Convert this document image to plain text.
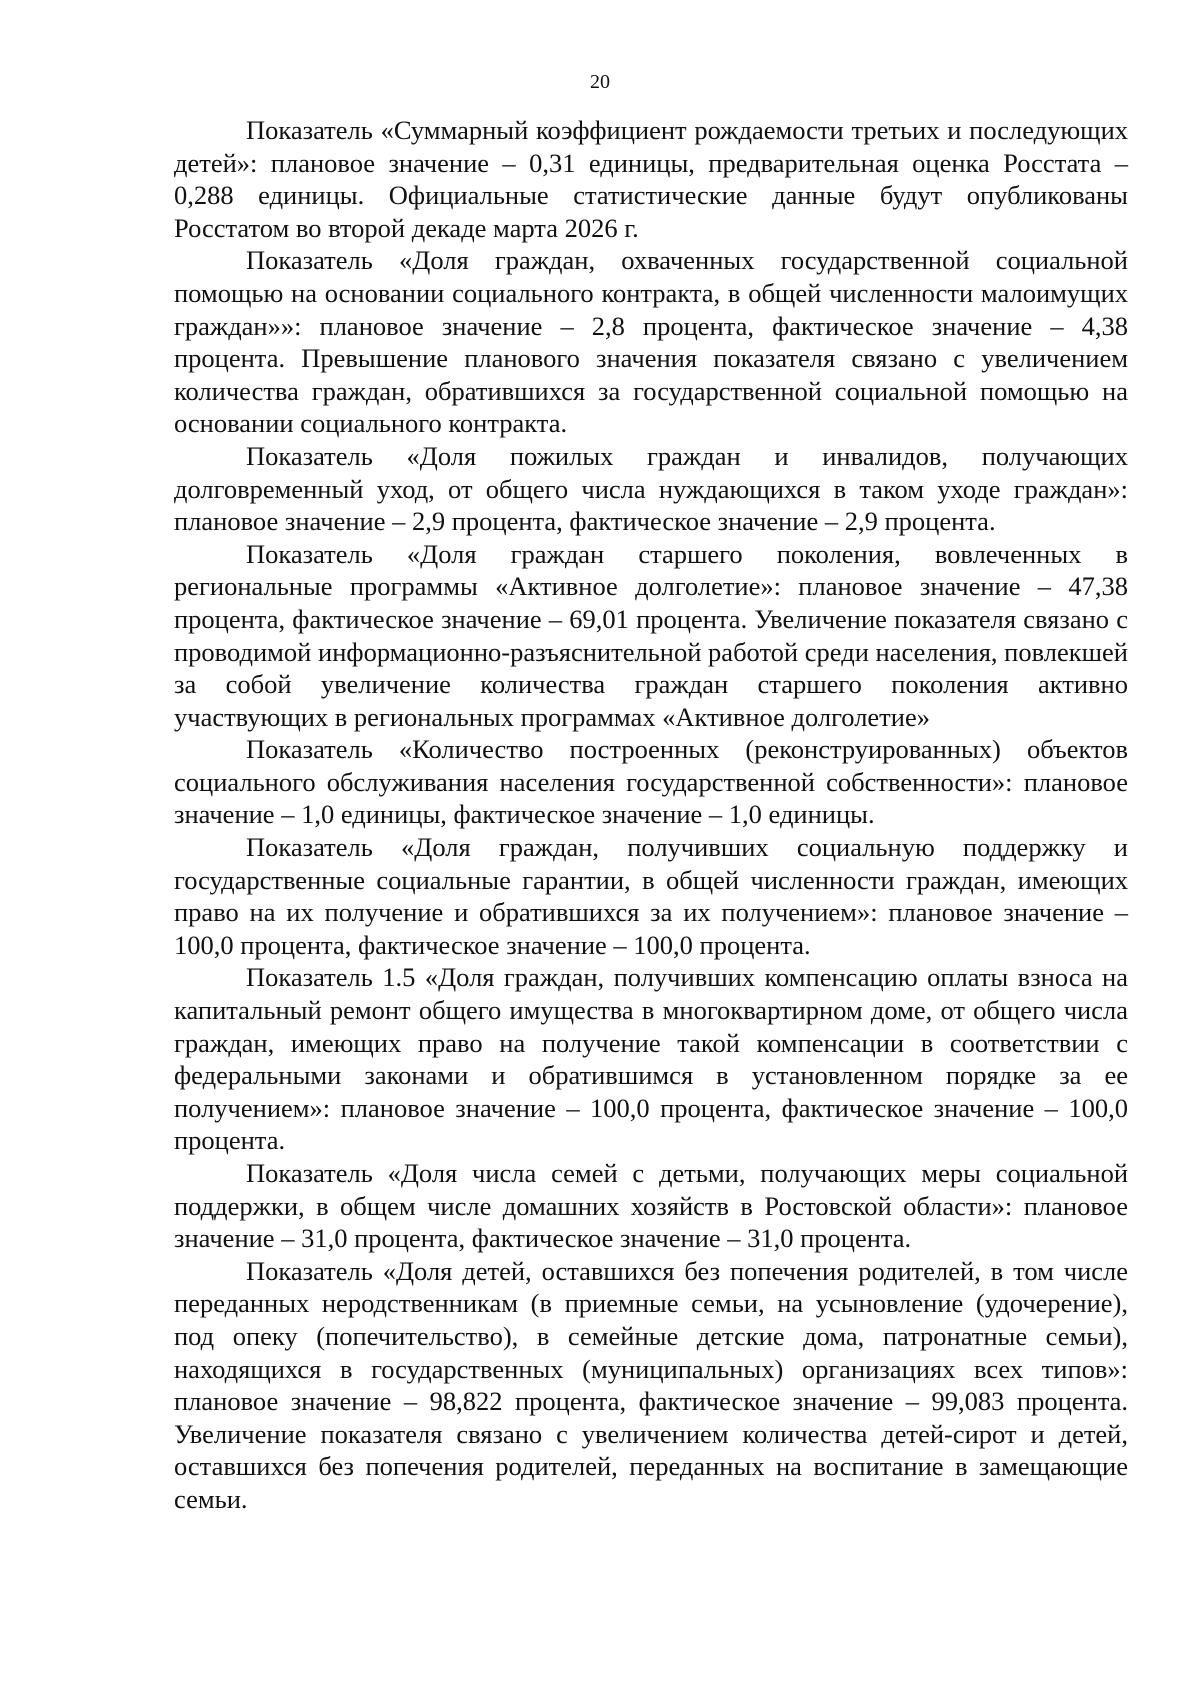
20

Показатель «Суммарный коэффициент рождаемости третьих и последующих детей»: плановое значение – 0,31 единицы, предварительная оценка Росстата – 0,288 единицы. Официальные статистические данные будут опубликованы Росстатом во второй декаде марта 2026 г.

Показатель «Доля граждан, охваченных государственной социальной помощью на основании социального контракта, в общей численности малоимущих граждан»»: плановое значение – 2,8 процента, фактическое значение – 4,38 процента. Превышение планового значения показателя связано с увеличением количества граждан, обратившихся за государственной социальной помощью на основании социального контракта.

Показатель «Доля пожилых граждан и инвалидов, получающих долговременный уход, от общего числа нуждающихся в таком уходе граждан»: плановое значение – 2,9 процента, фактическое значение – 2,9 процента.

Показатель «Доля граждан старшего поколения, вовлеченных в региональные программы «Активное долголетие»: плановое значение – 47,38 процента, фактическое значение – 69,01 процента. Увеличение показателя связано с проводимой информационно-разъяснительной работой среди населения, повлекшей за собой увеличение количества граждан старшего поколения активно участвующих в региональных программах «Активное долголетие»

Показатель «Количество построенных (реконструированных) объектов социального обслуживания населения государственной собственности»: плановое значение – 1,0 единицы, фактическое значение – 1,0 единицы.

Показатель «Доля граждан, получивших социальную поддержку и государственные социальные гарантии, в общей численности граждан, имеющих право на их получение и обратившихся за их получением»: плановое значение – 100,0 процента, фактическое значение – 100,0 процента.

Показатель 1.5 «Доля граждан, получивших компенсацию оплаты взноса на капитальный ремонт общего имущества в многоквартирном доме, от общего числа граждан, имеющих право на получение такой компенсации в соответствии с федеральными законами и обратившимся в установленном порядке за ее получением»: плановое значение – 100,0 процента, фактическое значение – 100,0 процента.

Показатель «Доля числа семей с детьми, получающих меры социальной поддержки, в общем числе домашних хозяйств в Ростовской области»: плановое значение – 31,0 процента, фактическое значение – 31,0 процента.

Показатель «Доля детей, оставшихся без попечения родителей, в том числе переданных неродственникам (в приемные семьи, на усыновление (удочерение), под опеку (попечительство), в семейные детские дома, патронатные семьи), находящихся в государственных (муниципальных) организациях всех типов»: плановое значение – 98,822 процента, фактическое значение – 99,083 процента. Увеличение показателя связано с увеличением количества детей-сирот и детей, оставшихся без попечения родителей, переданных на воспитание в замещающие семьи.
